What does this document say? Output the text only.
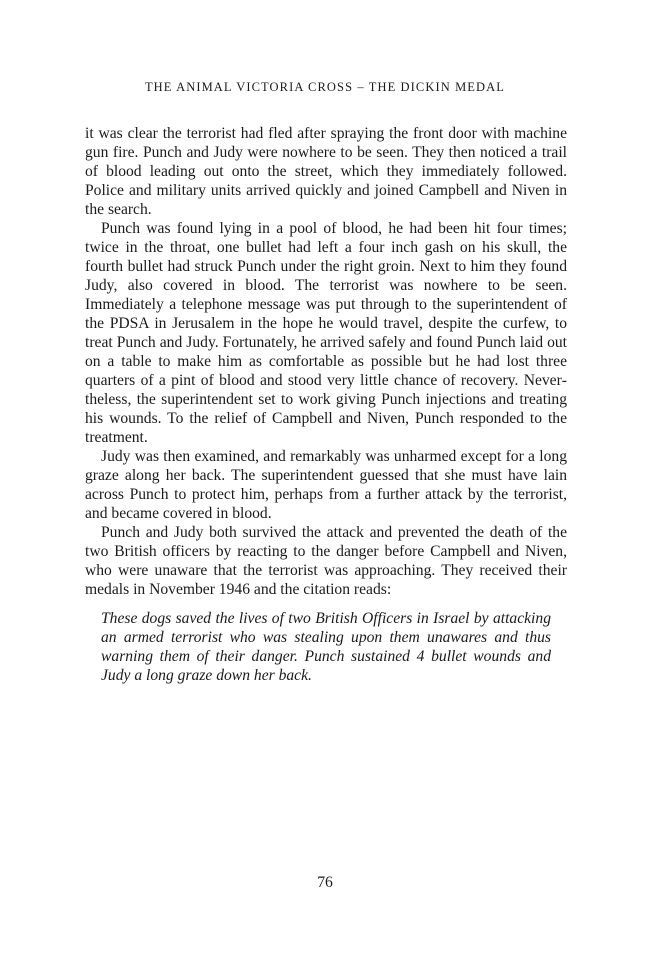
THE ANIMAL VICTORIA CROSS – THE DICKIN MEDAL

it was clear the terrorist had fled after spraying the front door with machine gun fire. Punch and Judy were nowhere to be seen. They then noticed a trail of blood leading out onto the street, which they immediately followed. Police and military units arrived quickly and joined Campbell and Niven in the search.

Punch was found lying in a pool of blood, he had been hit four times; twice in the throat, one bullet had left a four inch gash on his skull, the fourth bullet had struck Punch under the right groin. Next to him they found Judy, also covered in blood. The terrorist was nowhere to be seen. Immediately a telephone message was put through to the superintendent of the PDSA in Jerusalem in the hope he would travel, despite the curfew, to treat Punch and Judy. Fortunately, he arrived safely and found Punch laid out on a table to make him as comfortable as possible but he had lost three quarters of a pint of blood and stood very little chance of recovery. Nevertheless, the superintendent set to work giving Punch injections and treating his wounds. To the relief of Campbell and Niven, Punch responded to the treatment.

Judy was then examined, and remarkably was unharmed except for a long graze along her back. The superintendent guessed that she must have lain across Punch to protect him, perhaps from a further attack by the terrorist, and became covered in blood.

Punch and Judy both survived the attack and prevented the death of the two British officers by reacting to the danger before Campbell and Niven, who were unaware that the terrorist was approaching. They received their medals in November 1946 and the citation reads:

These dogs saved the lives of two British Officers in Israel by attacking an armed terrorist who was stealing upon them unawares and thus warning them of their danger. Punch sustained 4 bullet wounds and Judy a long graze down her back.

76
